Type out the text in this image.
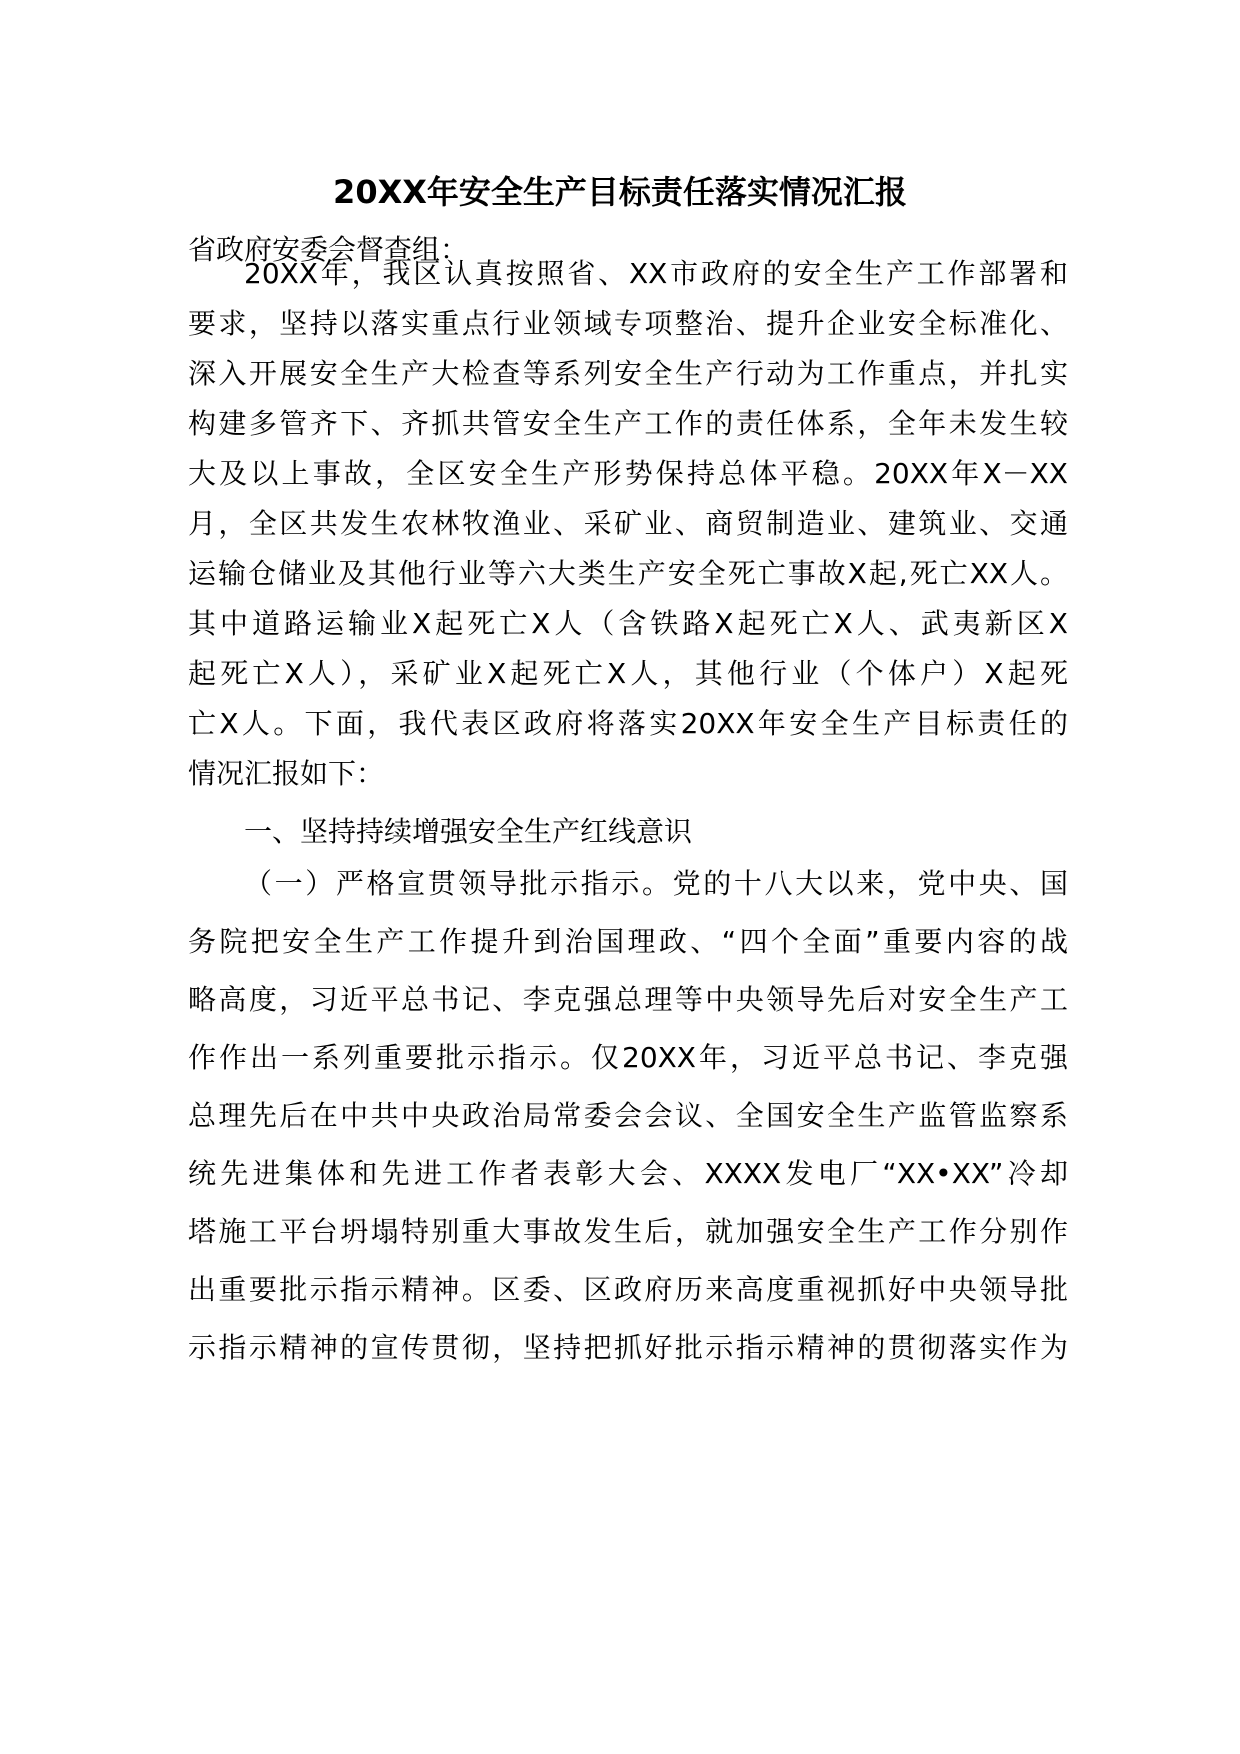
20XX年安全生产目标责任落实情况汇报
省政府安委会督查组：
20XX年，我区认真按照省、XX市政府的安全生产工作部署和
要求，坚持以落实重点行业领域专项整治、提升企业安全标准化、
深入开展安全生产大检查等系列安全生产行动为工作重点，并扎实
构建多管齐下、齐抓共管安全生产工作的责任体系，全年未发生较
大及以上事故，全区安全生产形势保持总体平稳。20XX年X－XX
月，全区共发生农林牧渔业、采矿业、商贸制造业、建筑业、交通
运输仓储业及其他行业等六大类生产安全死亡事故X起,死亡XX人。
其中道路运输业X起死亡X人（含铁路X起死亡X人、武夷新区X
起死亡X人），采矿业X起死亡X人，其他行业（个体户）X起死
亡X人。下面，我代表区政府将落实20XX年安全生产目标责任的
情况汇报如下：
一、坚持持续增强安全生产红线意识
（一）严格宣贯领导批示指示。党的十八大以来，党中央、国
务院把安全生产工作提升到治国理政、“四个全面”重要内容的战
略高度，习近平总书记、李克强总理等中央领导先后对安全生产工
作作出一系列重要批示指示。仅20XX年，习近平总书记、李克强
总理先后在中共中央政治局常委会会议、全国安全生产监管监察系
统先进集体和先进工作者表彰大会、XXXX发电厂“XX•XX”冷却
塔施工平台坍塌特别重大事故发生后，就加强安全生产工作分别作
出重要批示指示精神。区委、区政府历来高度重视抓好中央领导批
示指示精神的宣传贯彻，坚持把抓好批示指示精神的贯彻落实作为
